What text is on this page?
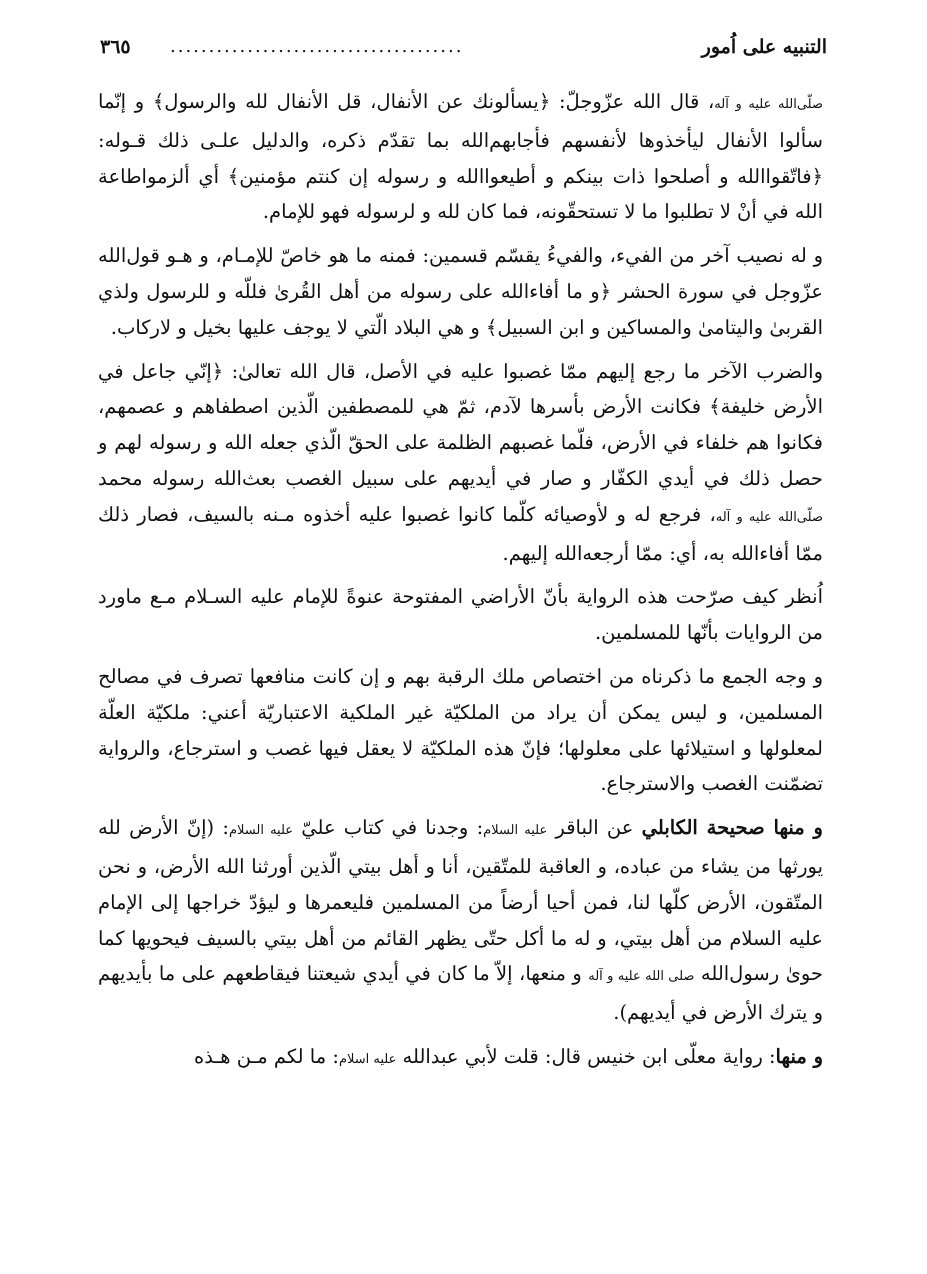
التنبيه على اُمور
......................................
٣٦٥

صلّى‌الله عليه و آله، قال الله عزّوجلّ: ﴿يسألونك عن الأنفال، قل الأنفال لله والرسول﴾ و إنّما سألوا الأنفال ليأخذوها لأنفسهم فأجابهم‌الله بما تقدّم ذكره، والدليل علـى ذلك قـوله: ﴿فاتّقوا‌الله و أصلحوا ذات بينكم و أطيعوا‌الله و رسوله إن كنتم مؤمنين﴾ أي ألزموا‌طاعة الله في أنْ لا تطلبوا ما لا تستحقّونه، فما كان لله و لرسوله فهو للإمام.

و له نصيب آخر من الفيء، والفيءُ يقسّم قسمين: فمنه ما هو خاصّ للإمـام، و هـو قول‌الله عزّوجل في سورة الحشر ﴿و ما أفاء‌الله على رسوله من أهل القُرىٰ فللّه و للرسول ولذي القربىٰ واليتامىٰ والمساكين و ابن السبيل﴾ و هي البلاد الّتي لا يوجف عليها بخيل و لاركاب.

والضرب الآخر ما رجع إليهم ممّا غصبوا عليه في الأصل، قال الله تعالىٰ: ﴿إنّي جاعل في الأرض خليفة﴾ فكانت الأرض بأسرها لآدم، ثمّ هي للمصطفين الّذين اصطفاهم و عصمهم، فكانوا هم خلفاء في الأرض، فلّما غصبهم الظلمة على الحقّ الّذي جعله الله و رسوله لهم و حصل ذلك في أيدي الكفّار و صار في أيديهم على سبيل الغصب بعث‌الله رسوله محمد صلّى‌الله عليه و آله، فرجع له و لأوصيائه كلّما كانوا غصبوا عليه أخذوه مـنه بالسيف، فصار ذلك ممّا أفاء‌الله به، أي: ممّا أرجعه‌الله إليهم.

اُنظر كيف صرّحت هذه الرواية بأنّ الأراضي المفتوحة عنوةً للإمام عليه السـلام مـع ماورد من الروايات بأنّها للمسلمين.

و وجه الجمع ما ذكرناه من اختصاص ملك الرقبة بهم و إن كانت منافعها تصرف في مصالح المسلمين، و ليس يمكن أن يراد من الملكيّة غير الملكية الاعتباريّة أعني: ملكيّة العلّة لمعلولها و استيلائها على معلولها؛ فإنّ هذه الملكيّة لا يعقل فيها غصب و استرجاع، والرواية تضمّنت الغصب والاسترجاع.

و منها صحيحة الكابلي عن الباقر عليه السلام: وجدنا في كتاب عليّ عليه السلام: (إنّ الأرض لله يورثها من يشاء من عباده، و العاقبة للمتّقين، أنا و أهل بيتي الّذين أورثنا الله الأرض، و نحن المتّقون، الأرض كلّها لنا، فمن أحيا أرضاً من المسلمين فليعمرها و ليؤدّ خراجها إلى الإمام عليه السلام من أهل بيتي، و له ما أكل حتّى يظهر القائم من أهل بيتي بالسيف فيحويها كما حوىٰ رسول‌الله صلى الله عليه و آله و منعها، إلاّ ما كان في أيدي شيعتنا فيقاطعهم على ما بأيديهم و يترك الأرض في أيديهم).

و منها: رواية معلّى ابن خنيس قال: قلت لأبي عبدالله عليه اسلام: ما لكم مـن هـذه
